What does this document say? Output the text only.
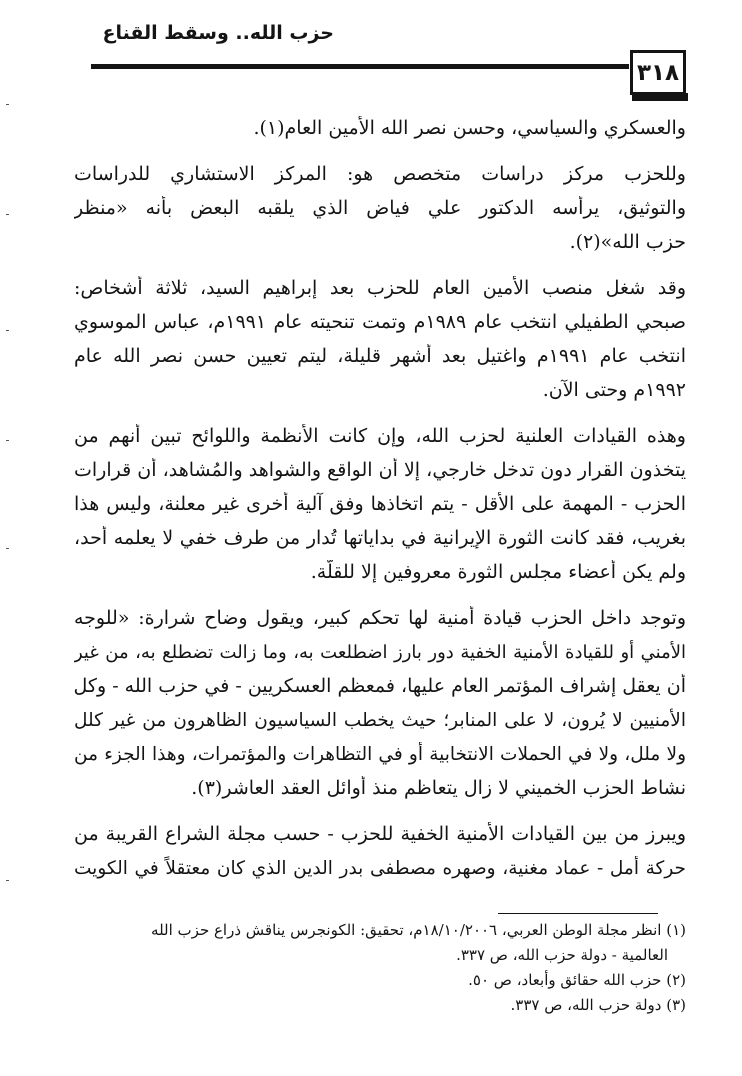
حزب الله.. وسقط القناع
٣١٨
والعسكري والسياسي، وحسن نصر الله الأمين العام(١).
وللحزب مركز دراسات متخصص هو: المركز الاستشاري للدراسات
والتوثيق، يرأسه الدكتور علي فياض الذي يلقبه البعض بأنه «منظر
حزب الله»(٢).
وقد شغل منصب الأمين العام للحزب بعد إبراهيم السيد، ثلاثة أشخاص:
صبحي الطفيلي انتخب عام ١٩٨٩م وتمت تنحيته عام ١٩٩١م، عباس الموسوي
انتخب عام ١٩٩١م واغتيل بعد أشهر قليلة، ليتم تعيين حسن نصر الله عام
١٩٩٢م وحتى الآن.
وهذه القيادات العلنية لحزب الله، وإن كانت الأنظمة واللوائح تبين أنهم من
يتخذون القرار دون تدخل خارجي، إلا أن الواقع والشواهد والمُشاهد، أن قرارات
الحزب - المهمة على الأقل - يتم اتخاذها وفق آلية أخرى غير معلنة، وليس هذا
بغريب، فقد كانت الثورة الإيرانية في بداياتها تُدار من طرف خفي لا يعلمه أحد،
ولم يكن أعضاء مجلس الثورة معروفين إلا للقلّة.
وتوجد داخل الحزب قيادة أمنية لها تحكم كبير، ويقول وضاح شرارة: «للوجه
الأمني أو للقيادة الأمنية الخفية دور بارز اضطلعت به، وما زالت تضطلع به، من غير
أن يعقل إشراف المؤتمر العام عليها، فمعظم العسكريين - في حزب الله - وكل
الأمنيين لا يُرون، لا على المنابر؛ حيث يخطب السياسيون الظاهرون من غير كلل
ولا ملل، ولا في الحملات الانتخابية أو في التظاهرات والمؤتمرات، وهذا الجزء من
نشاط الحزب الخميني لا زال يتعاظم منذ أوائل العقد العاشر(٣).
ويبرز من بين القيادات الأمنية الخفية للحزب - حسب مجلة الشراع القريبة من
حركة أمل - عماد مغنية، وصهره مصطفى بدر الدين الذي كان معتقلاً في الكويت
(١) انظر مجلة الوطن العربي، ١٨/١٠/٢٠٠٦م، تحقيق: الكونجرس يناقش ذراع حزب الله
العالمية - دولة حزب الله، ص ٣٣٧.
(٢) حزب الله حقائق وأبعاد، ص ٥٠.
(٣) دولة حزب الله، ص ٣٣٧.
